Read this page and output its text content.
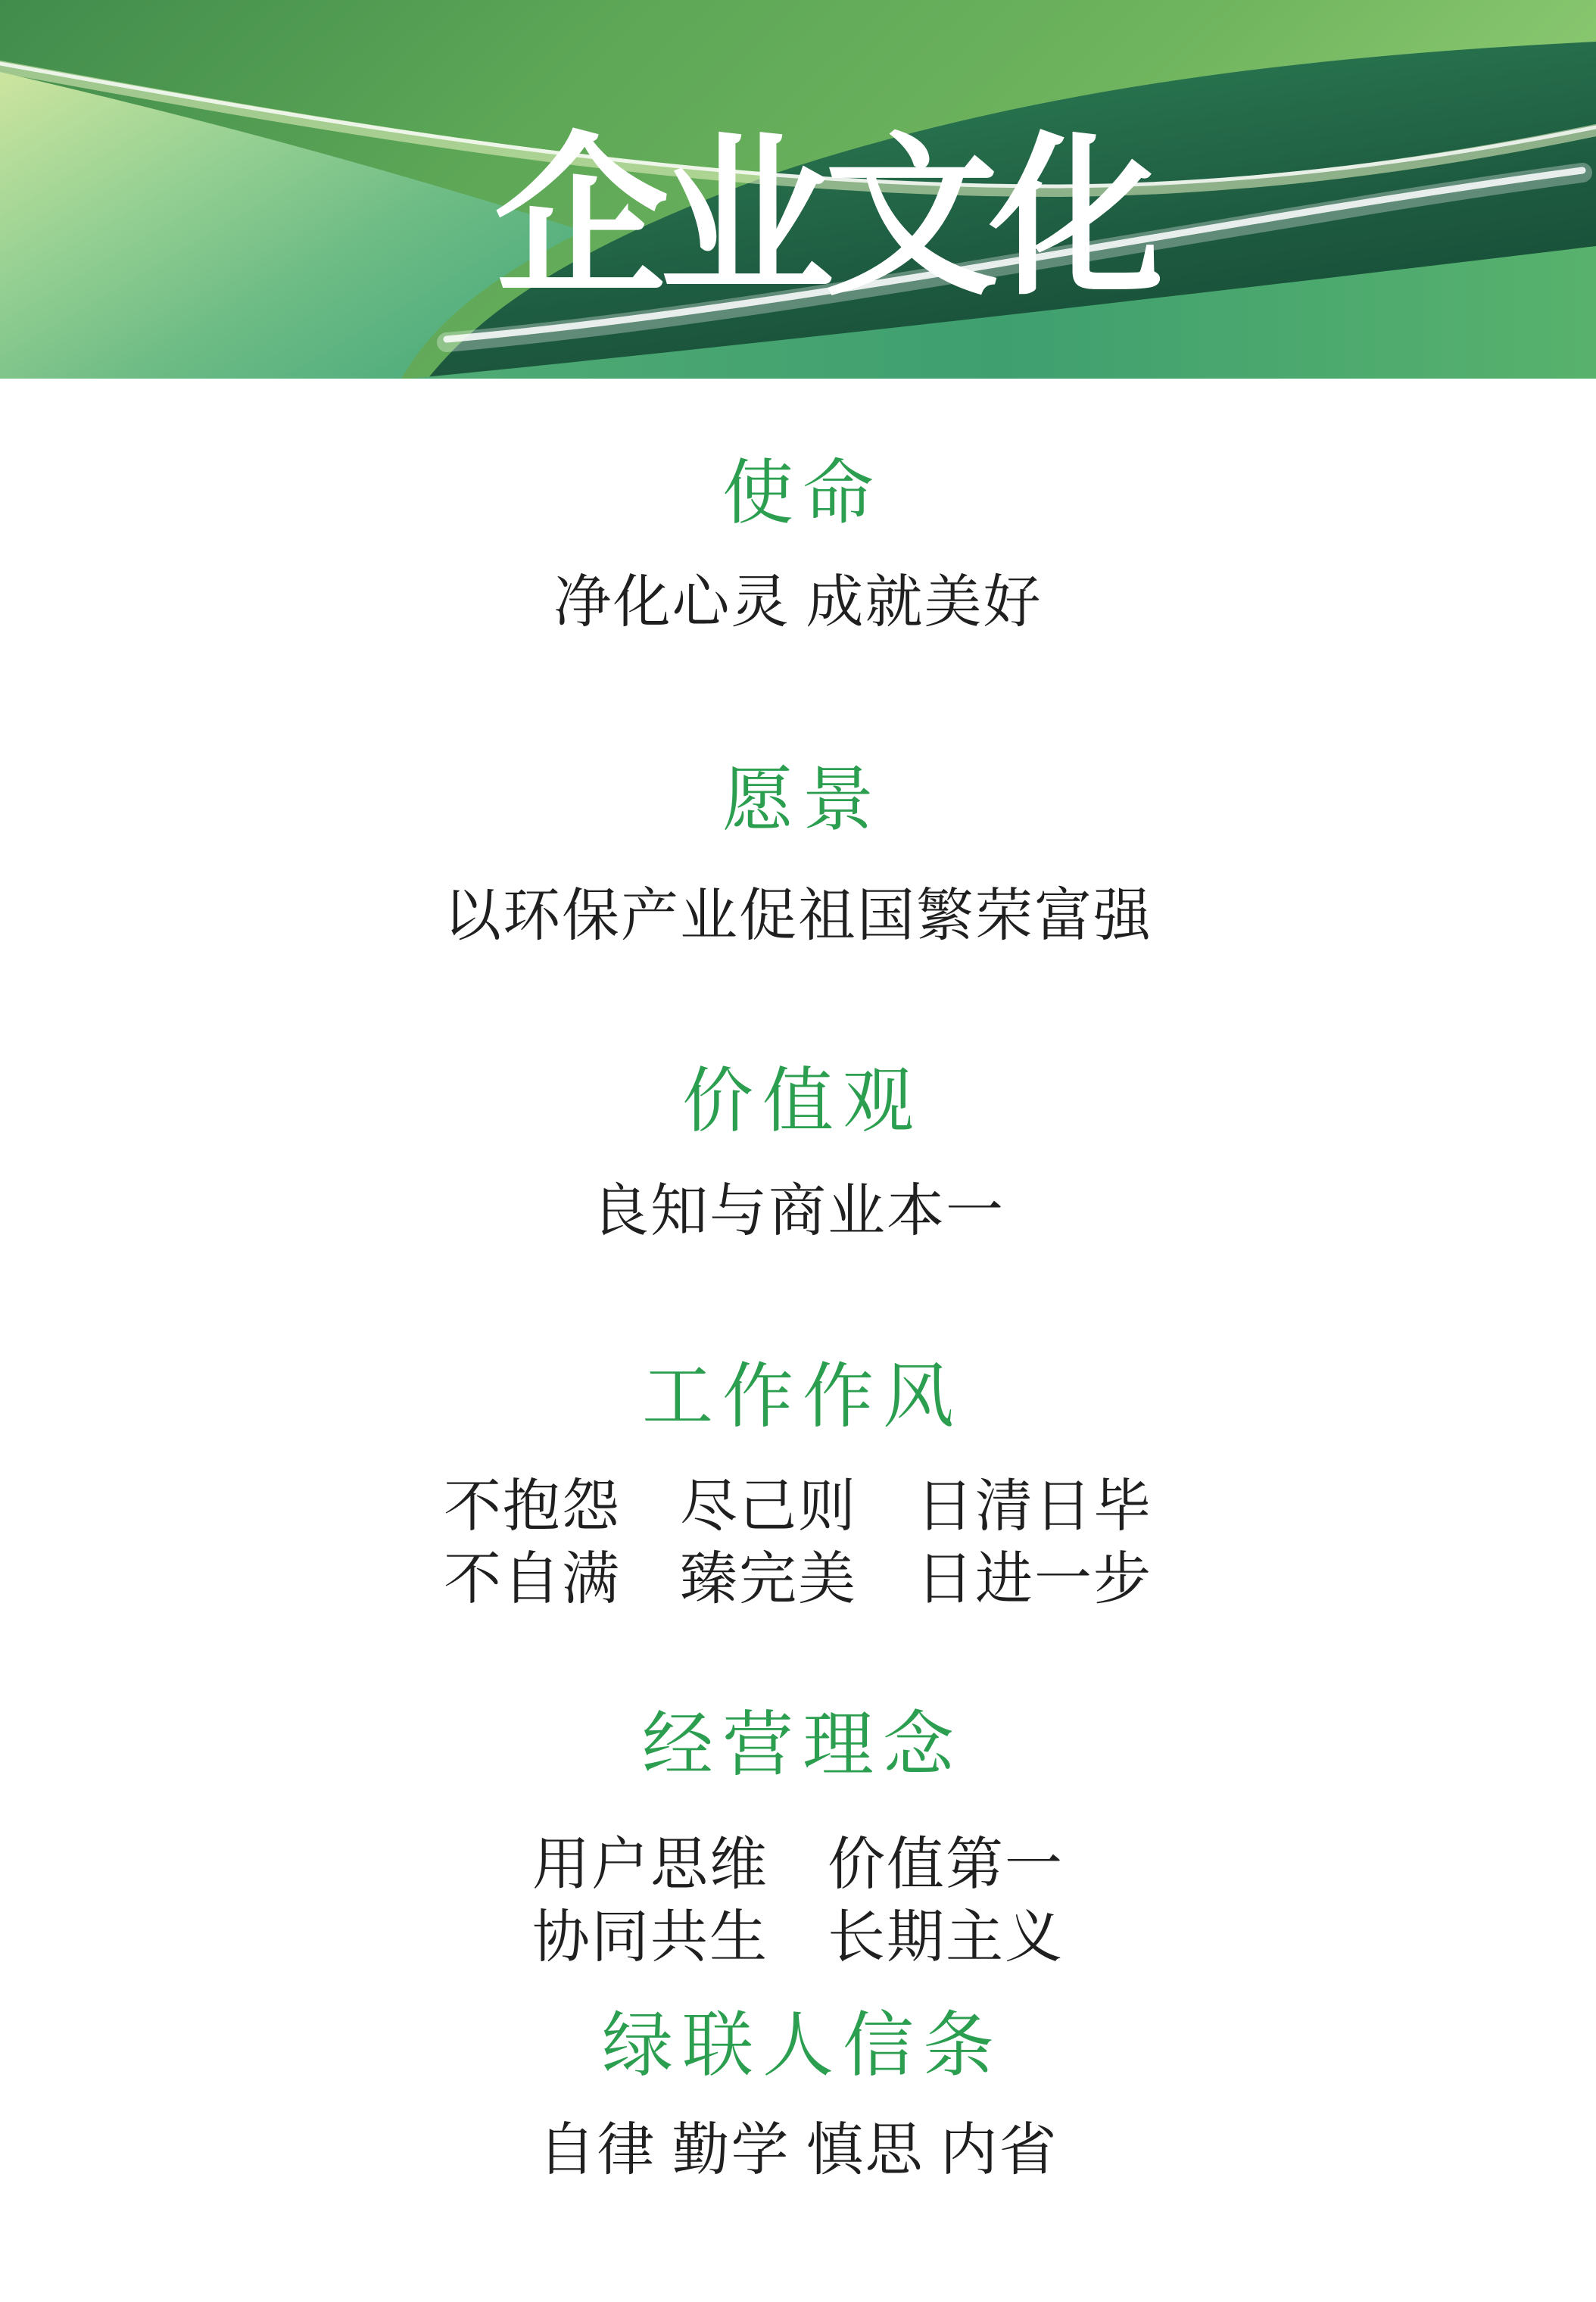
企业文化
使命
净化心灵 成就美好
愿景
以环保产业促祖国繁荣富强
价值观
良知与商业本一
工作作风
不抱怨　尽己则　日清日毕
不自满　臻完美　日进一步
经营理念
用户思维　价值第一
协同共生　长期主义
绿联人信条
自律 勤学 慎思 内省
